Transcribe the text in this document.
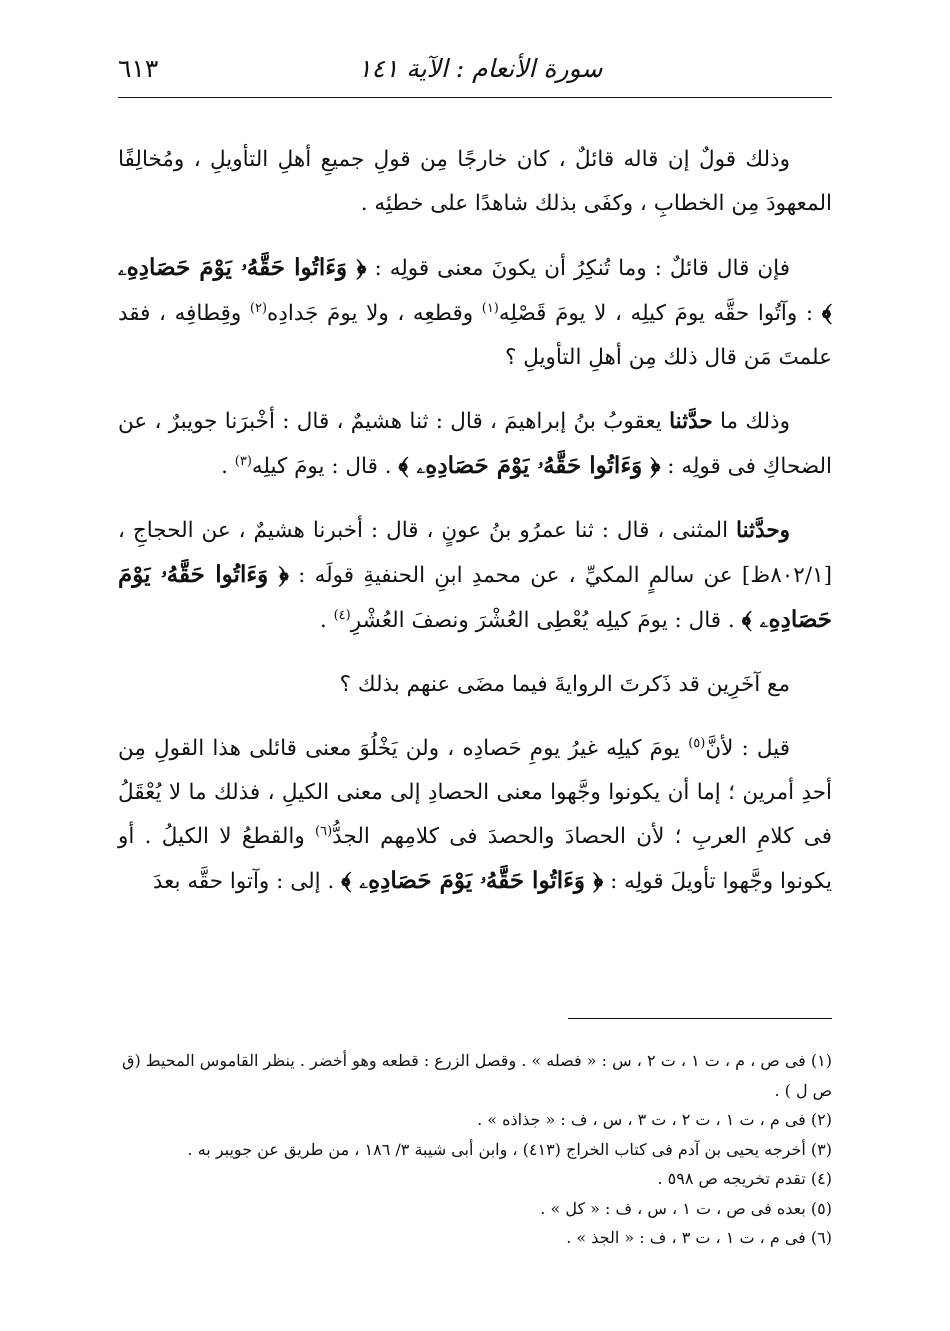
٦١٣	سورة الأنعام : الآية ١٤١

وذلك قولٌ إن قاله قائلٌ ، كان خارجًا مِن قولِ جميعِ أهلِ التأويلِ ، ومُخالِفًا المعهودَ مِن الخطابِ ، وكفَى بذلك شاهدًا على خطئِه .

فإن قال قائلٌ : وما تُنكِرُ أن يكونَ معنى قولِه : ﴿ وَءَاتُوا حَقَّهُۥ يَوْمَ حَصَادِهِۦ ﴾ : وآتُوا حقَّه يومَ كيلِه ، لا يومَ قَصْلِه$^{(١)}$ وقطعِه ، ولا يومَ جَدادِه$^{(٢)}$ وقِطافِه ، فقد علمتَ مَن قال ذلك مِن أهلِ التأويلِ ؟

وذلك ما حدَّثنا يعقوبُ بنُ إبراهيمَ ، قال : ثنا هشيمٌ ، قال : أخْبرَنا جويبرٌ ، عن الضحاكِ فى قولِه : ﴿ وَءَاتُوا حَقَّهُۥ يَوْمَ حَصَادِهِۦ ﴾ . قال : يومَ كيلِه$^{(٣)}$ .

وحدَّثنا المثنى ، قال : ثنا عمرُو بنُ عونٍ ، قال : أخبرنا هشيمٌ ، عن الحجاجِ ، [٨٠٢/١ظ] عن سالمٍ المكيِّ ، عن محمدِ ابنِ الحنفيةِ قولَه : ﴿ وَءَاتُوا حَقَّهُۥ يَوْمَ حَصَادِهِۦ ﴾ . قال : يومَ كيلِه يُعْطِى العُشْرَ ونصفَ العُشْرِ$^{(٤)}$ .

مع آخَرِين قد ذَكرتَ الروايةَ فيما مضَى عنهم بذلك ؟

قيل : لأنَّ$^{(٥)}$ يومَ كيلِه غيرُ يومِ حَصادِه ، ولن يَخْلُوَ معنى قائلى هذا القولِ مِن أحدِ أمرين ؛ إما أن يكونوا وجَّهوا معنى الحصادِ إلى معنى الكيلِ ، فذلك ما لا يُعْقَلُ فى كلامِ العربِ ؛ لأن الحصادَ والحصدَ فى كلامِهم الجدُّ$^{(٦)}$ والقطعُ لا الكيلُ . أو يكونوا وجَّهوا تأويلَ قولِه : ﴿ وَءَاتُوا حَقَّهُۥ يَوْمَ حَصَادِهِۦ ﴾ . إلى : وآتوا حقَّه بعدَ

(١) فى ص ، م ، ت ١ ، ت ٢ ، س : « فصله » . وقصل الزرع : قطعه وهو أخضر . ينظر القاموس المحيط (ق ص ل ) .

(٢) فى م ، ت ١ ، ت ٢ ، ت ٣ ، س ، ف : « جذاذه » .

(٣) أخرجه يحيى بن آدم فى كتاب الخراج (٤١٣) ، وابن أبى شيبة ٣/ ١٨٦ ، من طريق عن جويبر به .

(٤) تقدم تخريجه ص ٥٩٨ .

(٥) بعده فى ص ، ت ١ ، س ، ف : « كل » .

(٦) فى م ، ت ١ ، ت ٣ ، ف : « الجذ » .
